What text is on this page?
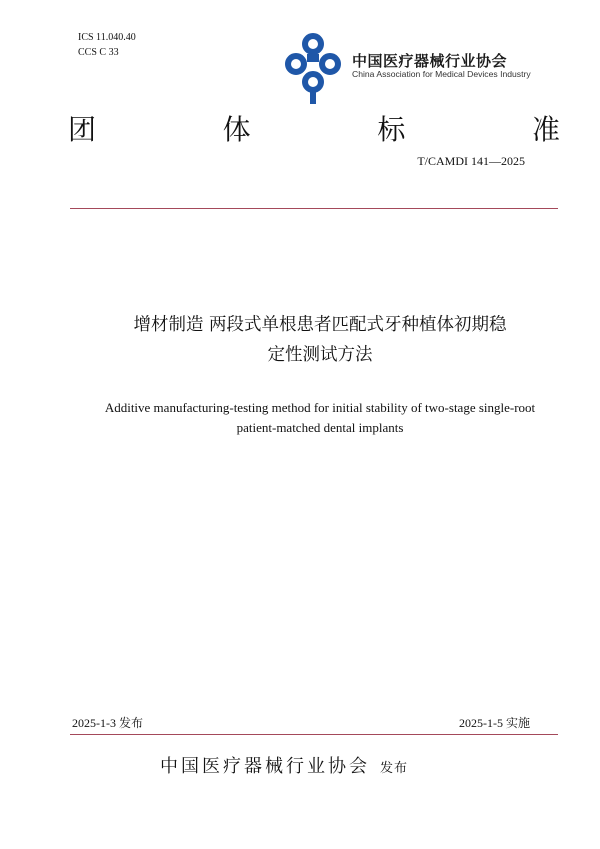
ICS 11.040.40
CCS C 33	中国医疗器械行业协会
China Association for Medical Devices Industry
团	体	标	准
T/CAMDI 141—2025
增材制造 两段式单根患者匹配式牙种植体初期稳
定性测试方法
Additive manufacturing-testing method for initial stability of two-stage single-root
patient-matched dental implants
2025-1-3 发布	2025-1-5 实施
中国医疗器械行业协会 发布
